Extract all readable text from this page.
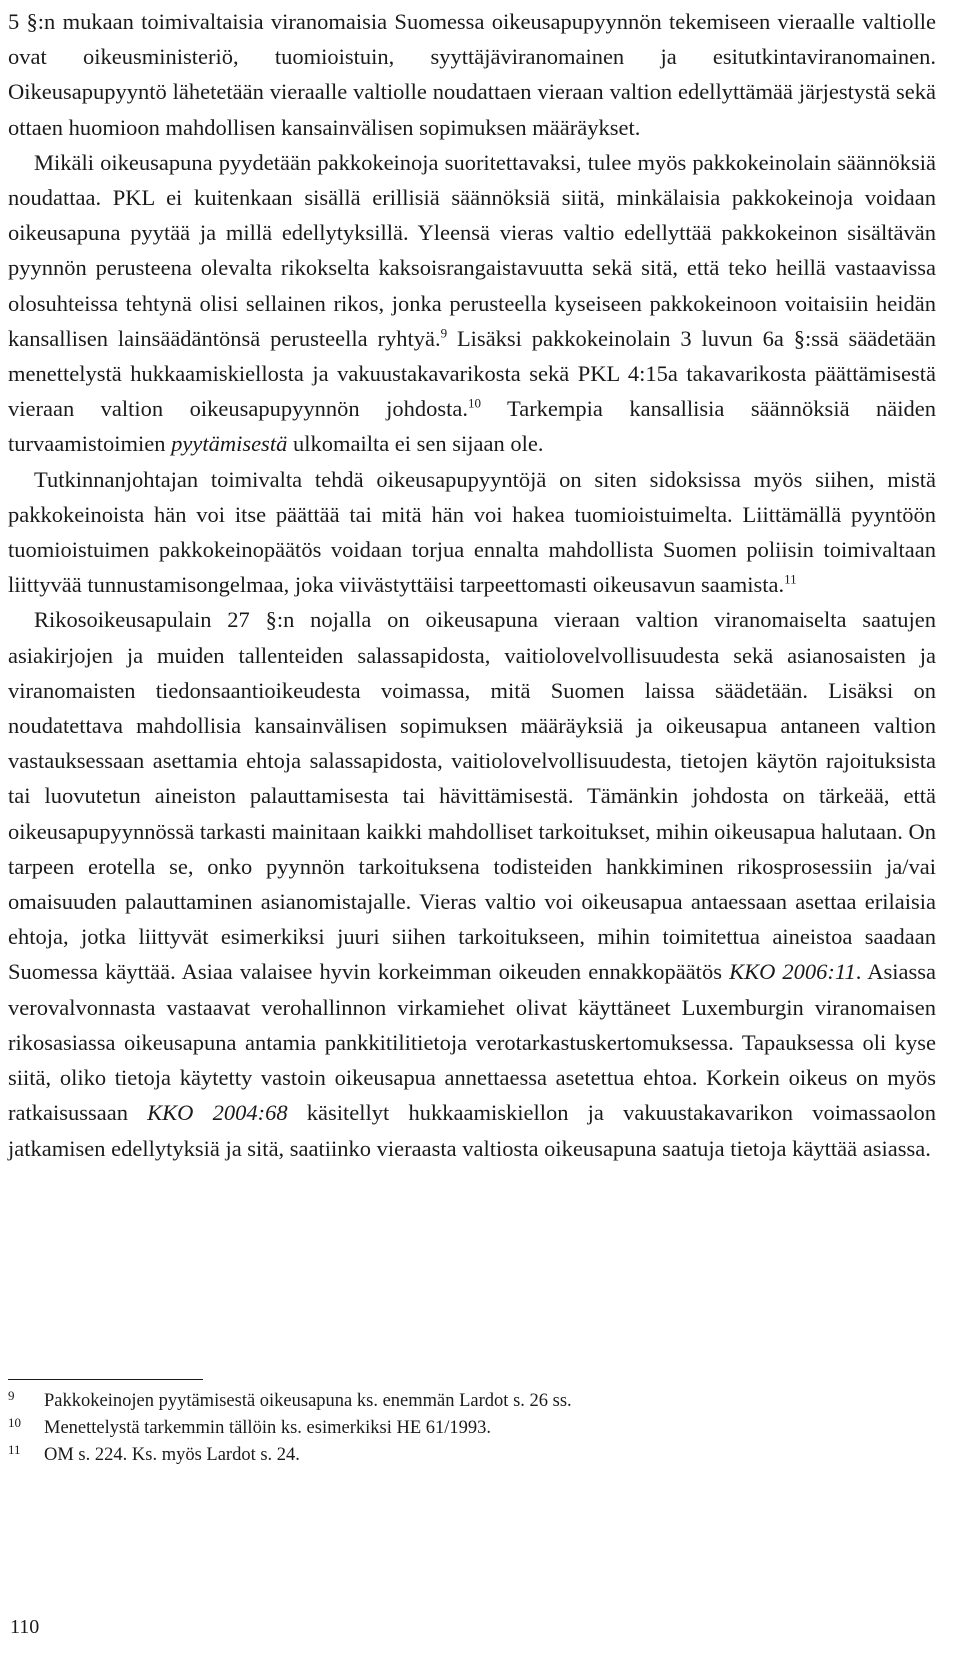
5 §:n mukaan toimivaltaisia viranomaisia Suomessa oikeusapupyynnön tekemiseen vieraalle valtiolle ovat oikeusministeriö, tuomioistuin, syyttäjäviranomainen ja esitutkintaviranomainen. Oikeusapupyyntö lähetetään vieraalle valtiolle noudattaen vieraan valtion edellyttämää järjestystä sekä ottaen huomioon mahdollisen kansainvälisen sopimuksen määräykset.

Mikäli oikeusapuna pyydetään pakkokeinoja suoritettavaksi, tulee myös pakkokeinolain säännöksiä noudattaa. PKL ei kuitenkaan sisällä erillisiä säännöksiä siitä, minkälaisia pakkokeinoja voidaan oikeusapuna pyytää ja millä edellytyksillä. Yleensä vieras valtio edellyttää pakkokeinon sisältävän pyynnön perusteena olevalta rikokselta kaksoisrangaistavuutta sekä sitä, että teko heillä vastaavissa olosuhteissa tehtynä olisi sellainen rikos, jonka perusteella kyseiseen pakkokeinoon voitaisiin heidän kansallisen lainsäädäntönsä perusteella ryhtyä.$^9$ Lisäksi pakkokeinolain 3 luvun 6a §:ssä säädetään menettelystä hukkaamiskiellosta ja vakuustakavarikosta sekä PKL 4:15a takavarikosta päättämisestä vieraan valtion oikeusapupyynnön johdosta.$^{10}$ Tarkempia kansallisia säännöksiä näiden turvaamistoimien pyytämisestä ulkomailta ei sen sijaan ole.

Tutkinnanjohtajan toimivalta tehdä oikeusapupyyntöjä on siten sidoksissa myös siihen, mistä pakkokeinoista hän voi itse päättää tai mitä hän voi hakea tuomioistuimelta. Liittämällä pyyntöön tuomioistuimen pakkokeinopäätös voidaan torjua ennalta mahdollista Suomen poliisin toimivaltaan liittyvää tunnustamisongelmaa, joka viivästyttäisi tarpeettomasti oikeusavun saamista.$^{11}$

Rikosoikeusapulain 27 §:n nojalla on oikeusapuna vieraan valtion viranomaiselta saatujen asiakirjojen ja muiden tallenteiden salassapidosta, vaitiolovelvollisuudesta sekä asianosaisten ja viranomaisten tiedonsaantioikeudesta voimassa, mitä Suomen laissa säädetään. Lisäksi on noudatettava mahdollisia kansainvälisen sopimuksen määräyksiä ja oikeusapua antaneen valtion vastauksessaan asettamia ehtoja salassapidosta, vaitiolovelvollisuudesta, tietojen käytön rajoituksista tai luovutetun aineiston palauttamisesta tai hävittämisestä. Tämänkin johdosta on tärkeää, että oikeusapupyynnössä tarkasti mainitaan kaikki mahdolliset tarkoitukset, mihin oikeusapua halutaan. On tarpeen erotella se, onko pyynnön tarkoituksena todisteiden hankkiminen rikosprosessiin ja/vai omaisuuden palauttaminen asianomistajalle. Vieras valtio voi oikeusapua antaessaan asettaa erilaisia ehtoja, jotka liittyvät esimerkiksi juuri siihen tarkoitukseen, mihin toimitettua aineistoa saadaan Suomessa käyttää. Asiaa valaisee hyvin korkeimman oikeuden ennakkopäätös KKO 2006:11. Asiassa verovalvonnasta vastaavat verohallinnon virkamiehet olivat käyttäneet Luxemburgin viranomaisen rikosasiassa oikeusapuna antamia pankkitilitietoja verotarkastuskertomuksessa. Tapauksessa oli kyse siitä, oliko tietoja käytetty vastoin oikeusapua annettaessa asetettua ehtoa. Korkein oikeus on myös ratkaisussaan KKO 2004:68 käsitellyt hukkaamiskiellon ja vakuustakavarikon voimassaolon jatkamisen edellytyksiä ja sitä, saatiinko vieraasta valtiosta oikeusapuna saatuja tietoja käyttää asiassa.

9	Pakkokeinojen pyytämisestä oikeusapuna ks. enemmän Lardot s. 26 ss.
10	Menettelystä tarkemmin tällöin ks. esimerkiksi HE 61/1993.
11	OM s. 224. Ks. myös Lardot s. 24.
110
